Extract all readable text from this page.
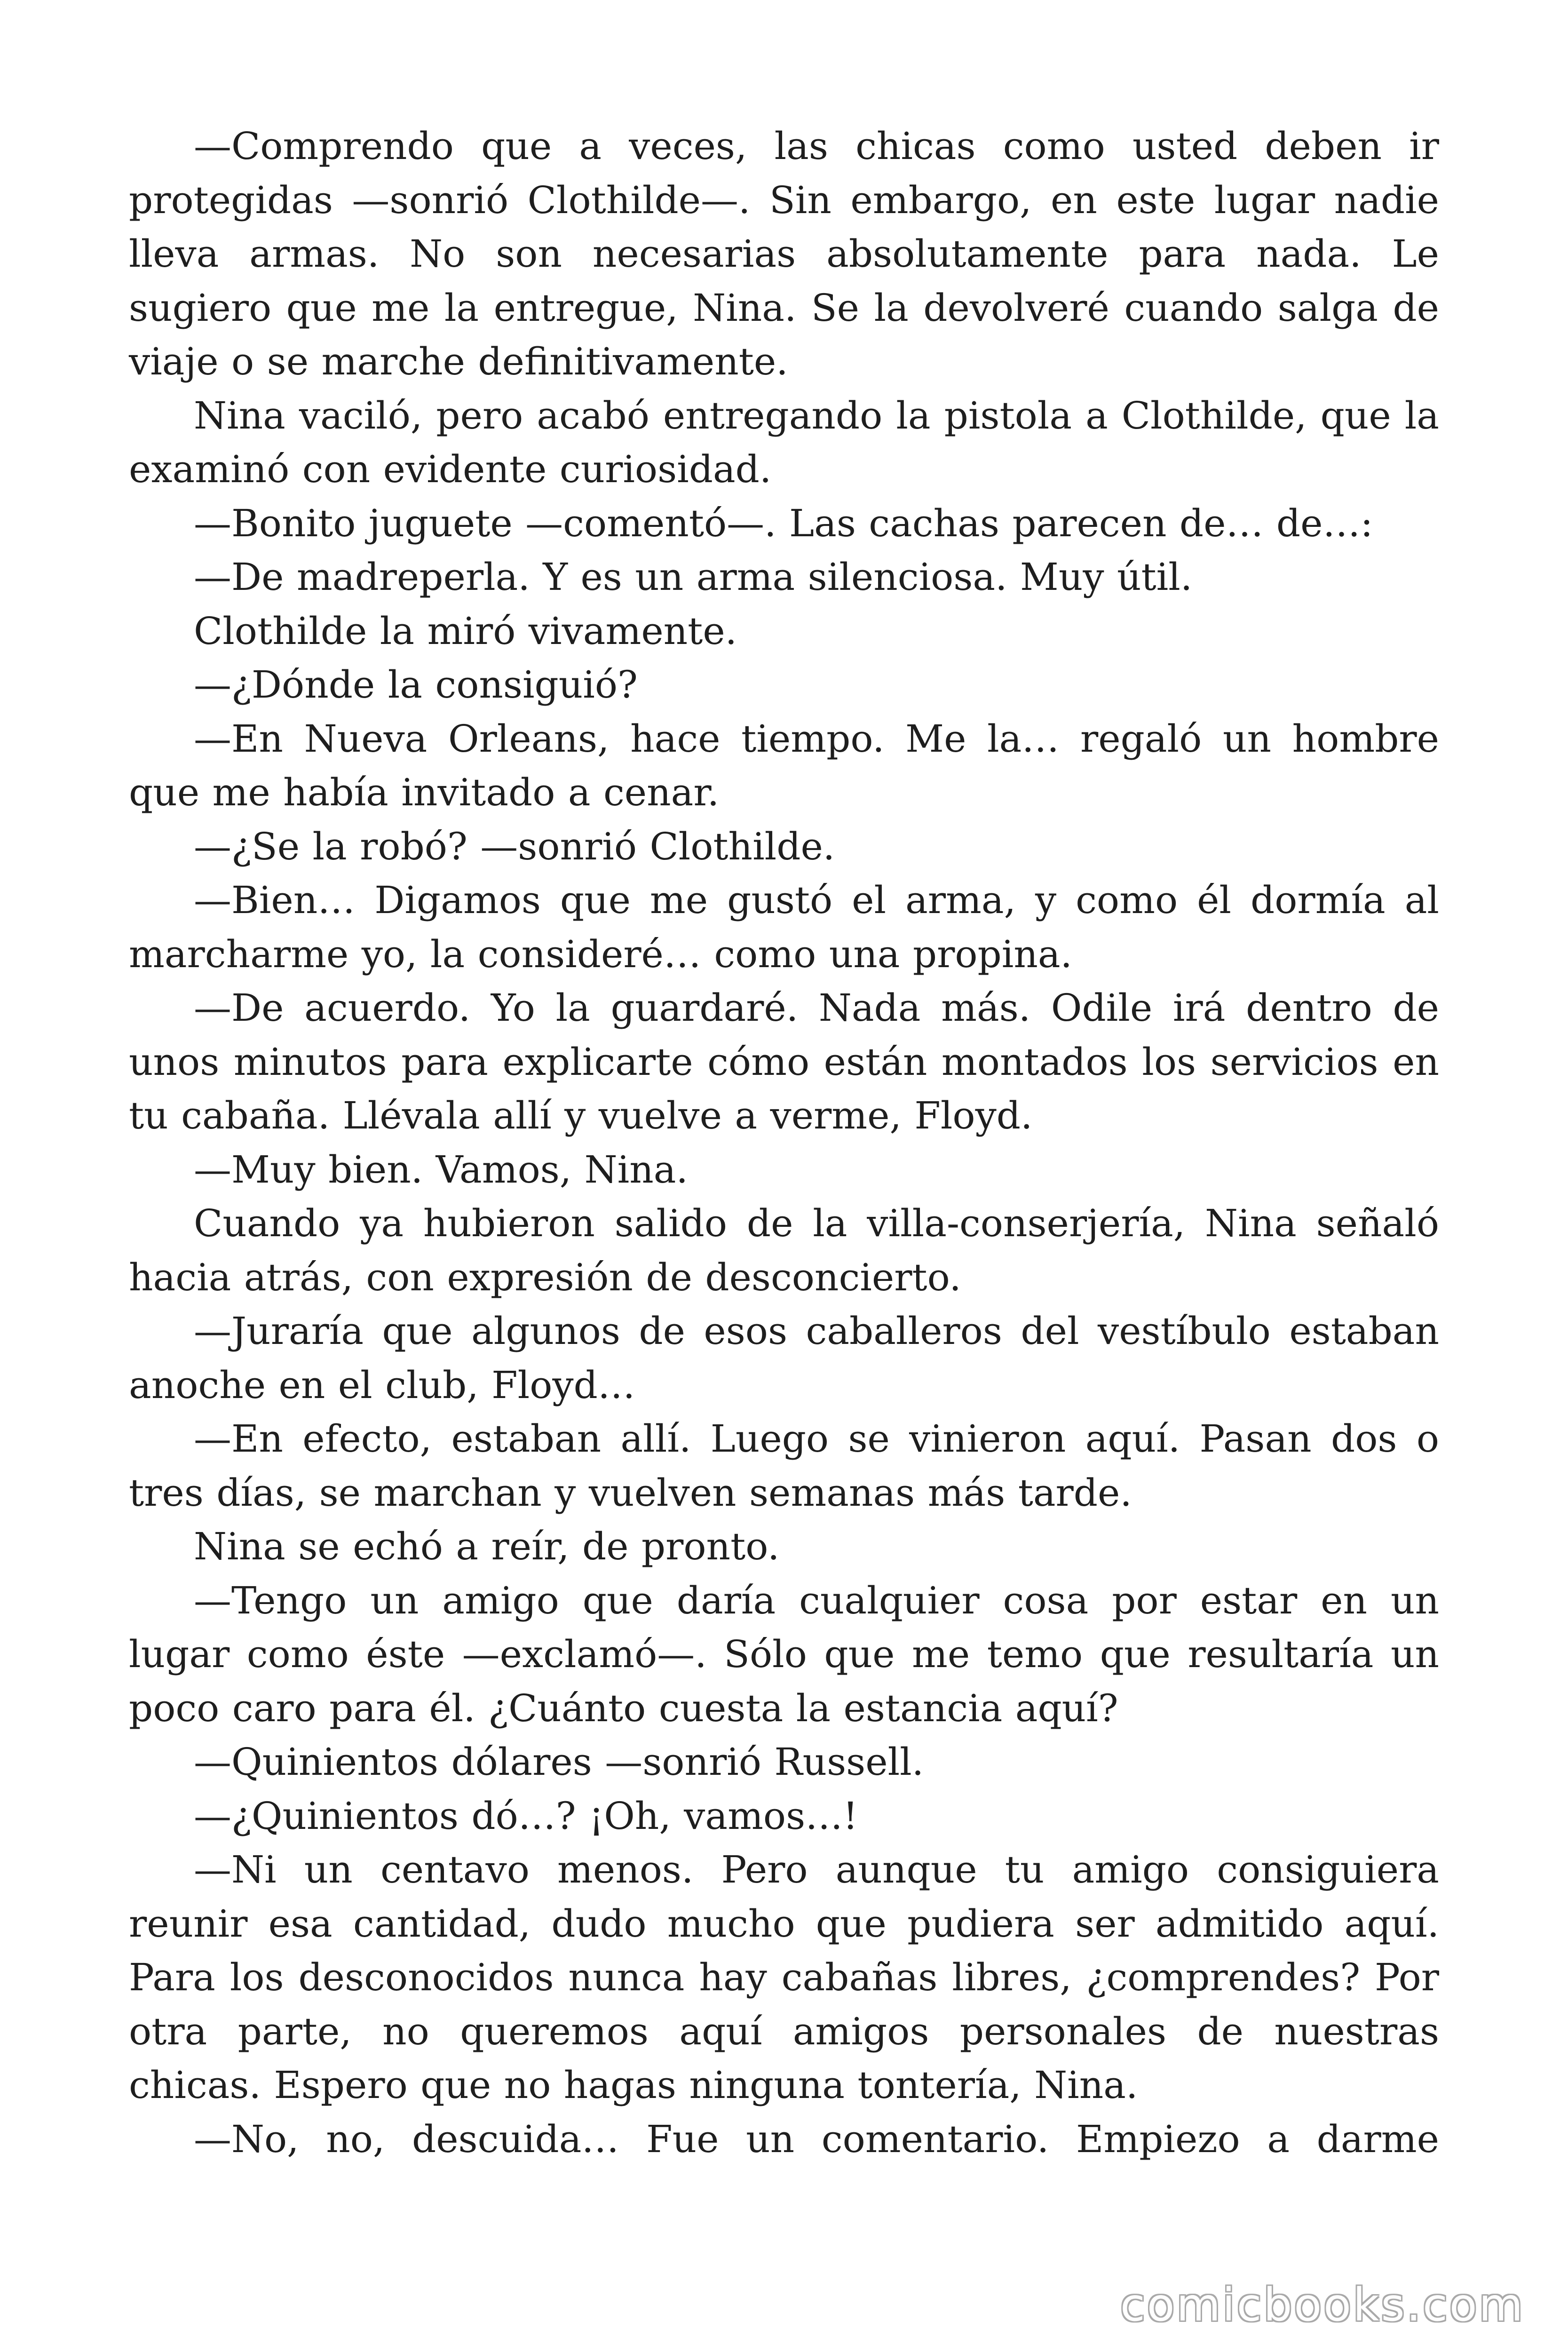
—Comprendo que a veces, las chicas como usted deben ir protegidas —sonrió Clothilde—. Sin embargo, en este lugar nadie lleva armas. No son necesarias absolutamente para nada. Le sugiero que me la entregue, Nina. Se la devolveré cuando salga de viaje o se marche definitivamente.

Nina vaciló, pero acabó entregando la pistola a Clothilde, que la examinó con evidente curiosidad.

—Bonito juguete —comentó—. Las cachas parecen de… de…:

—De madreperla. Y es un arma silenciosa. Muy útil.

Clothilde la miró vivamente.

—¿Dónde la consiguió?

—En Nueva Orleans, hace tiempo. Me la… regaló un hombre que me había invitado a cenar.

—¿Se la robó? —sonrió Clothilde.

—Bien… Digamos que me gustó el arma, y como él dormía al marcharme yo, la consideré… como una propina.

—De acuerdo. Yo la guardaré. Nada más. Odile irá dentro de unos minutos para explicarte cómo están montados los servicios en tu cabaña. Llévala allí y vuelve a verme, Floyd.

—Muy bien. Vamos, Nina.

Cuando ya hubieron salido de la villa-conserjería, Nina señaló hacia atrás, con expresión de desconcierto.

—Juraría que algunos de esos caballeros del vestíbulo estaban anoche en el club, Floyd…

—En efecto, estaban allí. Luego se vinieron aquí. Pasan dos o tres días, se marchan y vuelven semanas más tarde.

Nina se echó a reír, de pronto.

—Tengo un amigo que daría cualquier cosa por estar en un lugar como éste —exclamó—. Sólo que me temo que resultaría un poco caro para él. ¿Cuánto cuesta la estancia aquí?

—Quinientos dólares —sonrió Russell.

—¿Quinientos dó…? ¡Oh, vamos…!

—Ni un centavo menos. Pero aunque tu amigo consiguiera reunir esa cantidad, dudo mucho que pudiera ser admitido aquí. Para los desconocidos nunca hay cabañas libres, ¿comprendes? Por otra parte, no queremos aquí amigos personales de nuestras chicas. Espero que no hagas ninguna tontería, Nina.

—No, no, descuida… Fue un comentario. Empiezo a darme

comicbooks.com
